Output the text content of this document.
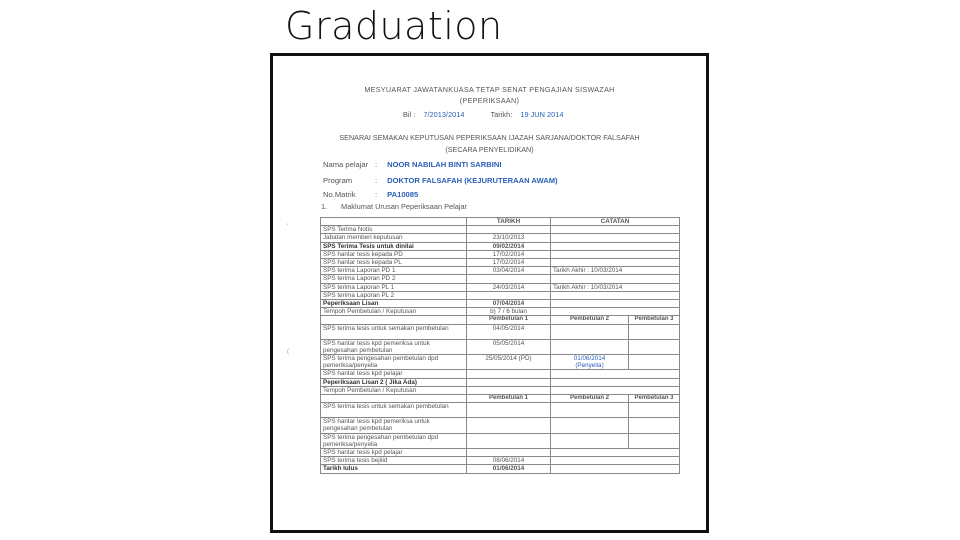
Graduation
MESYUARAT JAWATANKUASA TETAP SENAT PENGAJIAN SISWAZAH
(PEPERIKSAAN)
Bil : 7/2013/2014	Tarikh: 19 JUN 2014
SENARAI SEMAKAN KEPUTUSAN PEPERIKSAAN IJAZAH SARJANA/DOKTOR FALSAFAH
(SECARA PENYELIDIKAN)
Nama pelajar : NOOR NABILAH BINTI SARBINI
Program	: DOKTOR FALSAFAH (KEJURUTERAAN AWAM)
No.Matrik	: PA10085
1. Maklumat Urusan Peperiksaan Pelajar
'
(
	TARIKH	CATATAN	
SPS Terima Notis			
Jabatan memberi keputusan	23/10/2013		
SPS Terima Tesis untuk dinilai	09/02/2014		
SPS hantar tesis kepada PD	17/02/2014		
SPS hantar tesis kepada PL	17/02/2014		
SPS terima Laporan PD 1	03/04/2014	Tarikh Akhir : 10/03/2014	
SPS terima Laporan PD 2			
SPS terima Laporan PL 1	24/03/2014	Tarikh Akhir : 10/03/2014	
SPS terima Laporan PL 2			
Peperiksaan Lisan	07/04/2014		
Tempoh Pembetulan / Keputusan	b) 7 / 6 bulan		
	Pembetulan 1	Pembetulan 2	Pembetulan 3
SPS terima tesis untuk semakan pembetulan	04/05/2014		
SPS hantar tesis kpd pemeriksa untuk pengesahan pembetulan	05/05/2014		
SPS terima pengesahan pembetulan dpd pemeriksa/penyelia	25/05/2014 (PD)	01/06/2014
(Penyelia)	
SPS hantar tesis kpd pelajar			
Peperiksaan Lisan 2 ( Jika Ada)			
Tempoh Pembetulan / Keputusan			
	Pembetulan 1	Pembetulan 2	Pembetulan 3
SPS terima tesis untuk semakan pembetulan			
SPS hantar tesis kpd pemeriksa untuk pengesahan pembetulan			
SPS terima pengesahan pembetulan dpd pemeriksa/penyelia			
SPS hantar tesis kpd pelajar			
SPS terima tesis bejilid	08/06/2014		
Tarikh lulus	01/06/2014		
